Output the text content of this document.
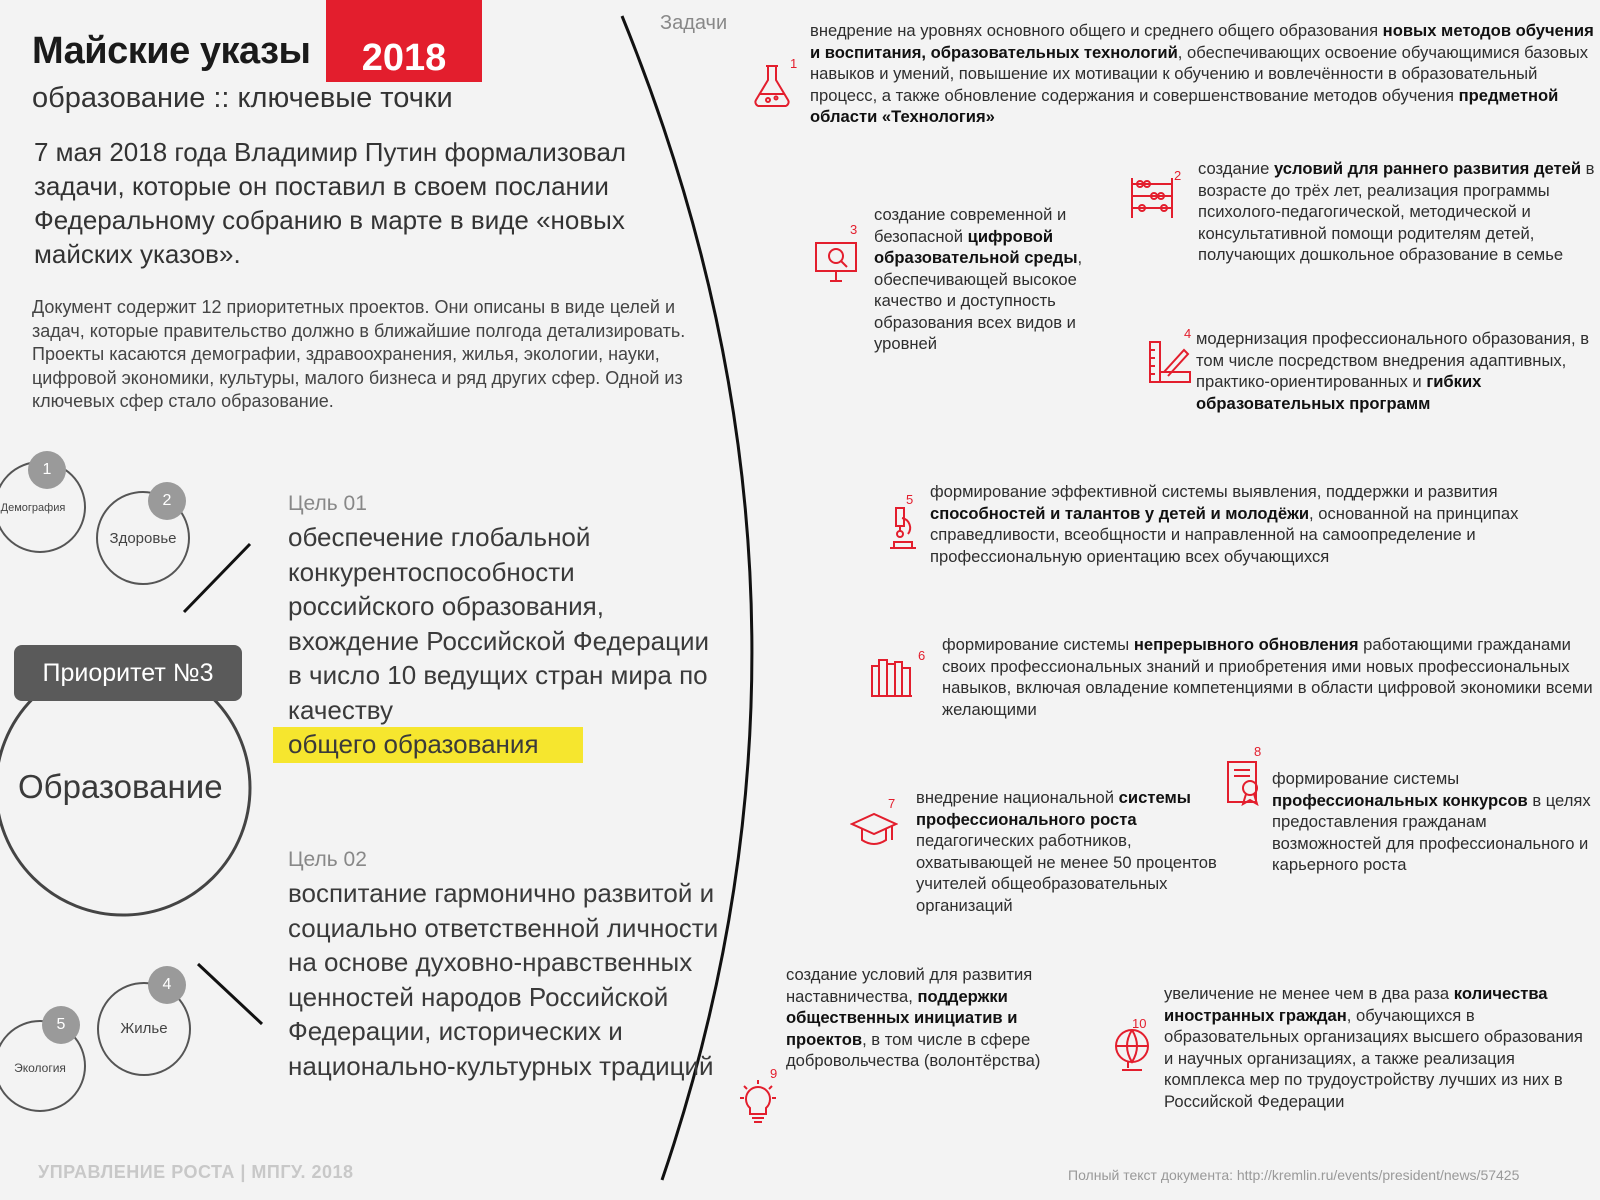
Майские указы	2018
образование :: ключевые точки
7 мая 2018 года Владимир Путин формализовал задачи, которые он поставил в своем послании Федеральному собранию в марте в виде «новых майских указов».
Документ содержит 12 приоритетных проектов. Они описаны в виде целей и задач, которые правительство должно в ближайшие полгода детализировать. Проекты касаются демографии, здравоохранения, жилья, экологии, науки, цифровой экономики, культуры, малого бизнеса и ряд других сфер. Одной из ключевых сфер стало образование.
1
Демография	2
Здоровье
4
Жилье
5
Экология
Приоритет №3
Образование
Цель 01
обеспечение глобальной конкурентоспособности российского образования, вхождение Российской Федерации в число 10 ведущих стран мира по качеству
общего образования
Цель 02
воспитание гармонично развитой и социально ответственной личности на основе духовно-нравственных ценностей народов Российской Федерации, исторических и национально-культурных традиций
Задачи
1
2
3
4
5
6
7
8
9
10
внедрение на уровнях основного общего и среднего общего образования новых методов обучения и воспитания, образовательных технологий, обеспечивающих освоение обучающимися базовых навыков и умений, повышение их мотивации к обучению и вовлечённости в образовательный процесс, а также обновление содержания и совершенствование методов обучения предметной области «Технология»
создание условий для раннего развития детей в возрасте до трёх лет, реализация программы психолого-педагогической, методической и консультативной помощи родителям детей, получающих дошкольное образование в семье
создание современной и безопасной цифровой образовательной среды, обеспечивающей высокое качество и доступность образования всех видов и уровней	модернизация профессионального образования, в том числе посредством внедрения адаптивных, практико-ориентированных и гибких образовательных программ
формирование эффективной системы выявления, поддержки и развития способностей и талантов у детей и молодёжи, основанной на принципах справедливости, всеобщности и направленной на самоопределение и профессиональную ориентацию всех обучающихся
формирование системы непрерывного обновления работающими гражданами своих профессиональных знаний и приобретения ими новых профессиональных навыков, включая овладение компетенциями в области цифровой экономики всеми желающими
внедрение национальной системы профессионального роста педагогических работников, охватывающей не менее 50 процентов учителей общеобразовательных организаций
формирование системы профессиональных конкурсов в целях предоставления гражданам возможностей для профессионального и карьерного роста
создание условий для развития наставничества, поддержки общественных инициатив и проектов, в том числе в сфере добровольчества (волонтёрства)
увеличение не менее чем в два раза количества иностранных граждан, обучающихся в образовательных организациях высшего образования и научных организациях, а также реализация комплекса мер по трудоустройству лучших из них в Российской Федерации
УПРАВЛЕНИЕ РОСТА | МПГУ. 2018	Полный текст документа: http://kremlin.ru/events/president/news/57425
